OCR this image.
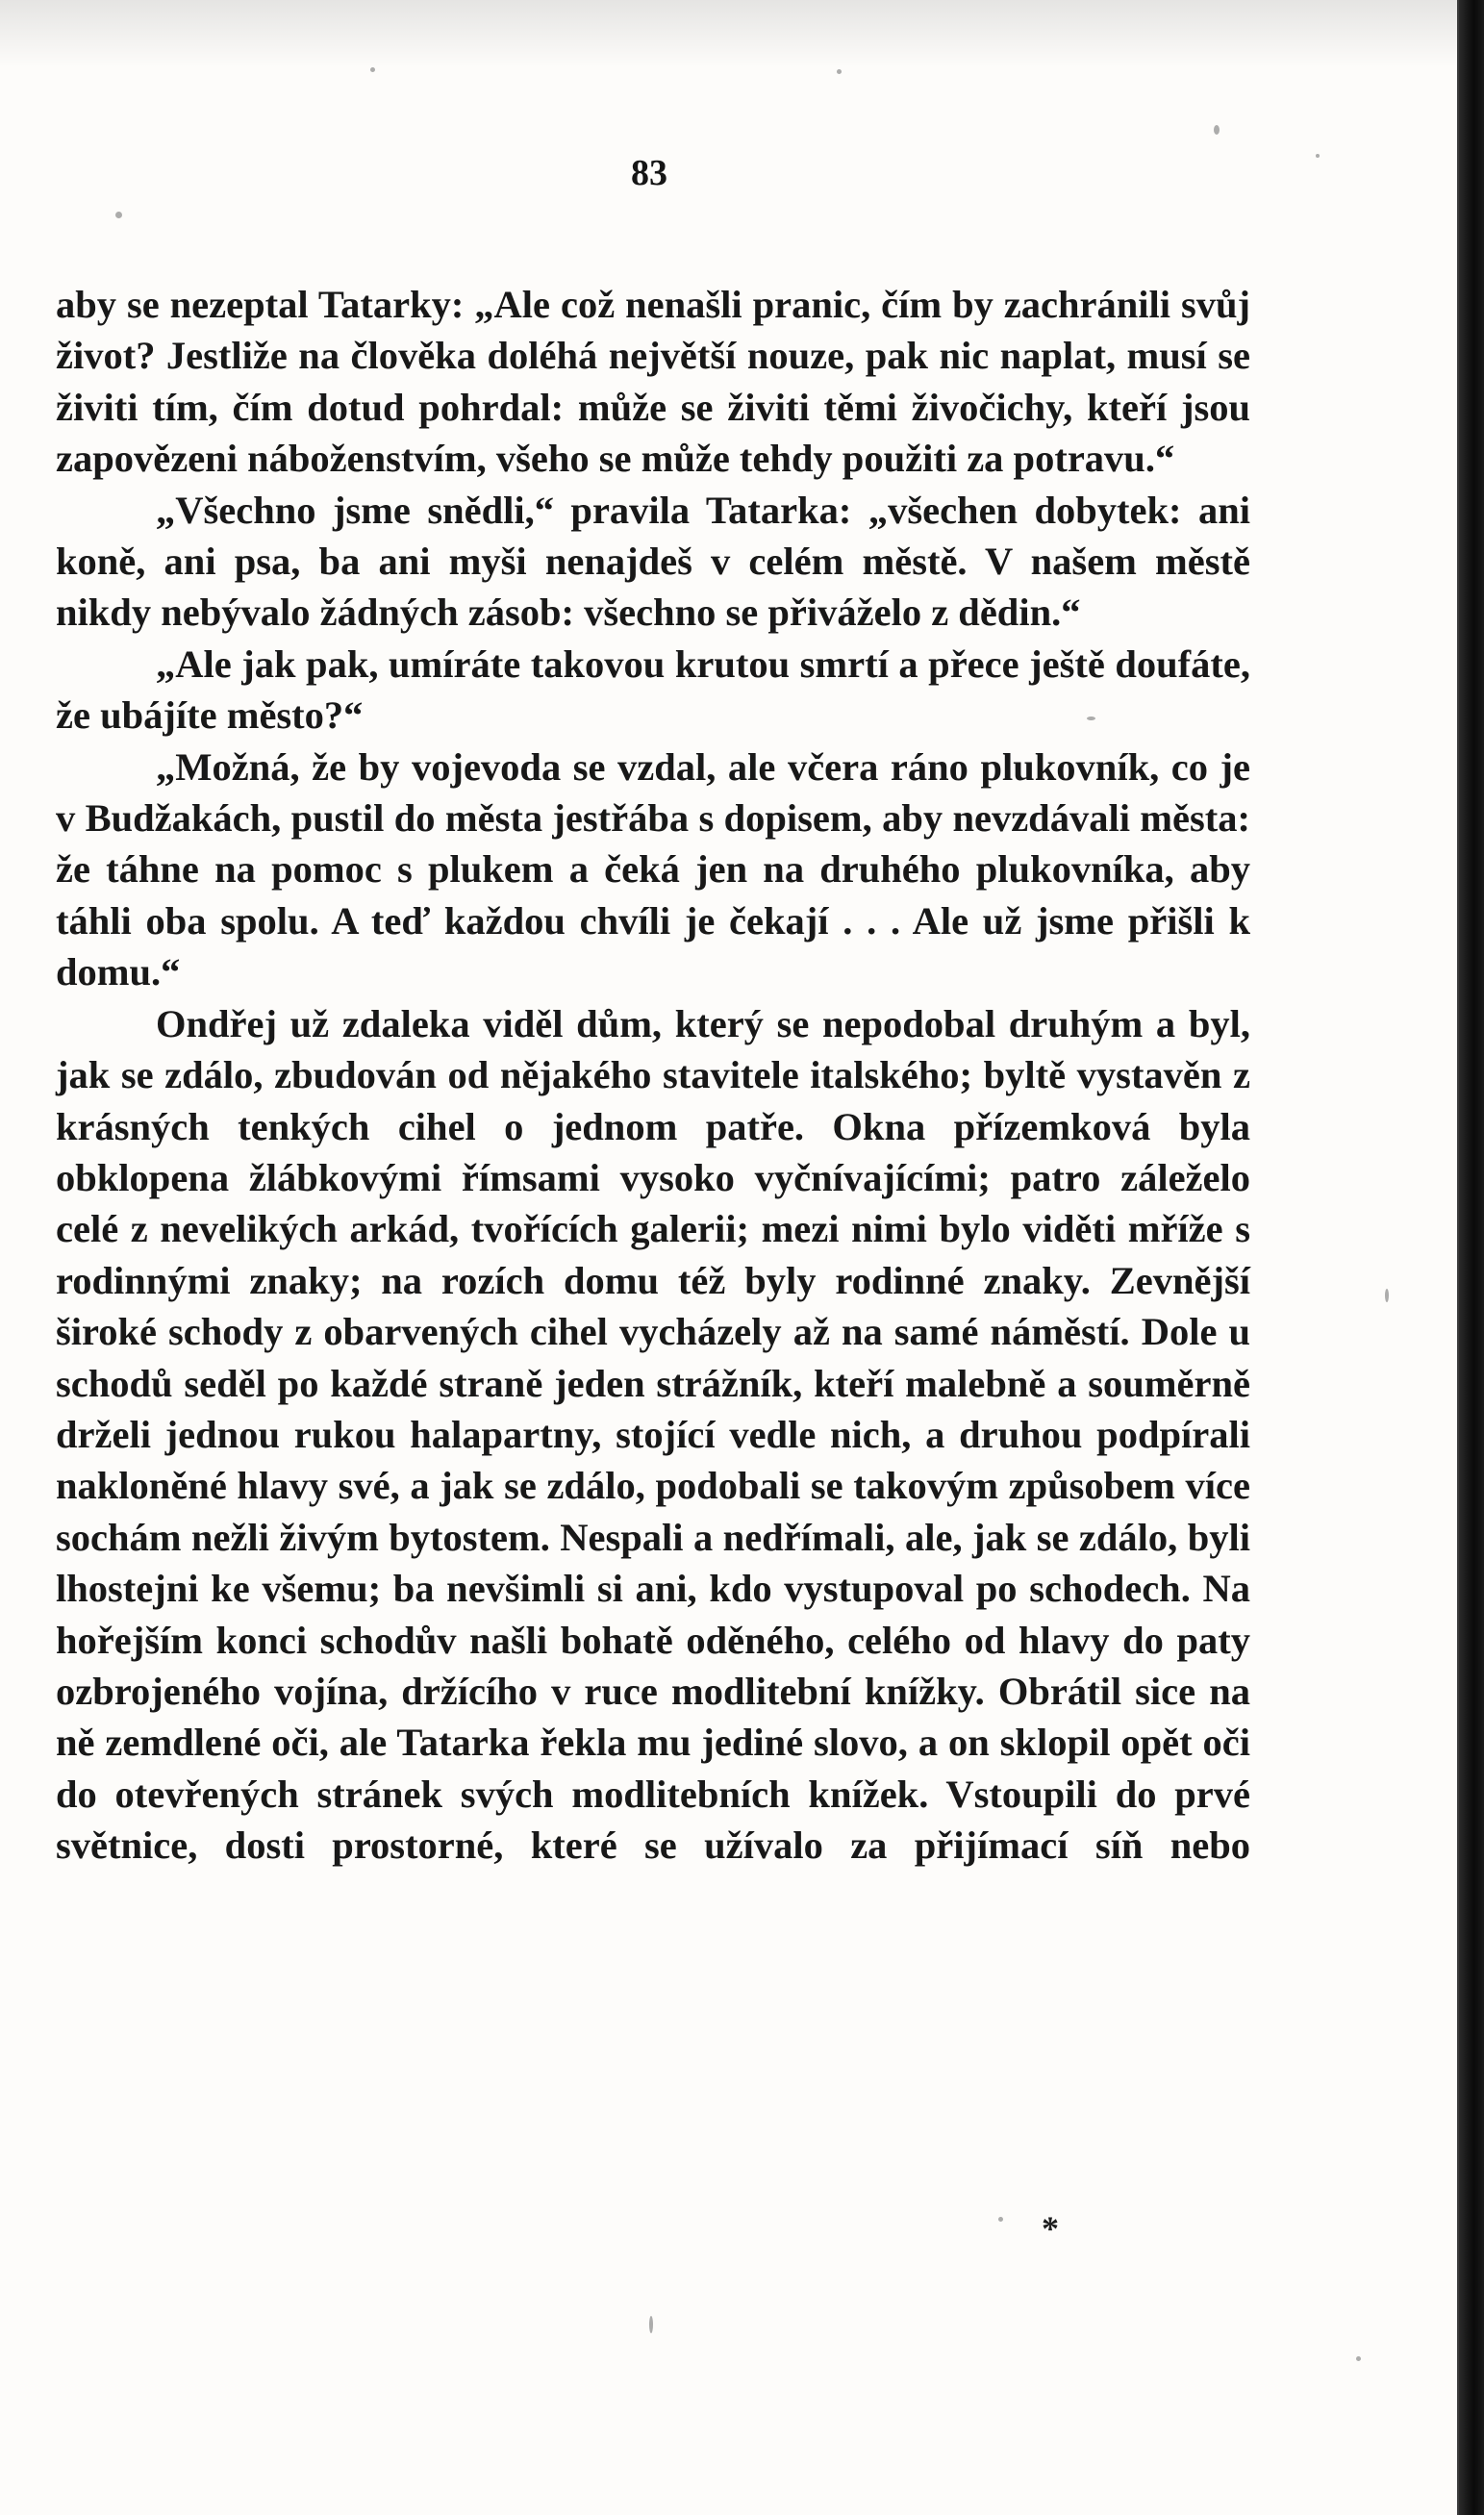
83

aby se nezeptal Tatarky: „Ale což nenašli pranic, čím by zachránili svůj život? Jestliže na člověka doléhá největší nouze, pak nic naplat, musí se živiti tím, čím dotud pohrdal: může se živiti těmi živočichy, kteří jsou zapovězeni náboženstvím, všeho se může tehdy použiti za potravu.“

„Všechno jsme snědli,“ pravila Tatarka: „všechen dobytek: ani koně, ani psa, ba ani myši nenajdeš v celém městě. V našem městě nikdy nebývalo žádných zásob: všechno se přiváželo z dědin.“

„Ale jak pak, umíráte takovou krutou smrtí a přece ještě doufáte, že ubájíte město?“

„Možná, že by vojevoda se vzdal, ale včera ráno plukovník, co je v Budžakách, pustil do města jestřába s dopisem, aby nevzdávali města: že táhne na pomoc s plukem a čeká jen na druhého plukovníka, aby táhli oba spolu. A teď každou chvíli je čekají . . . Ale už jsme přišli k domu.“

Ondřej už zdaleka viděl dům, který se nepodobal druhým a byl, jak se zdálo, zbudován od nějakého stavitele italského; byltě vystavěn z krásných tenkých cihel o jednom patře. Okna přízemková byla obklopena žlábkovými římsami vysoko vyčnívajícími; patro záleželo celé z nevelikých arkád, tvořících galerii; mezi nimi bylo viděti mříže s rodinnými znaky; na rozích domu též byly rodinné znaky. Zevnější široké schody z obarvených cihel vycházely až na samé náměstí. Dole u schodů seděl po každé straně jeden strážník, kteří malebně a souměrně drželi jednou rukou halapartny, stojící vedle nich, a druhou podpírali nakloněné hlavy své, a jak se zdálo, podobali se takovým způsobem více sochám nežli živým bytostem. Nespali a nedřímali, ale, jak se zdálo, byli lhostejni ke všemu; ba nevšimli si ani, kdo vystupoval po schodech. Na hořejším konci schodův našli bohatě oděného, celého od hlavy do paty ozbrojeného vojína, držícího v ruce modlitební knížky. Obrátil sice na ně zemdlené oči, ale Tatarka řekla mu jediné slovo, a on sklopil opět oči do otevřených stránek svých modlitebních knížek. Vstoupili do prvé světnice, dosti prostorné, které se užívalo za přijímací síň nebo

*
